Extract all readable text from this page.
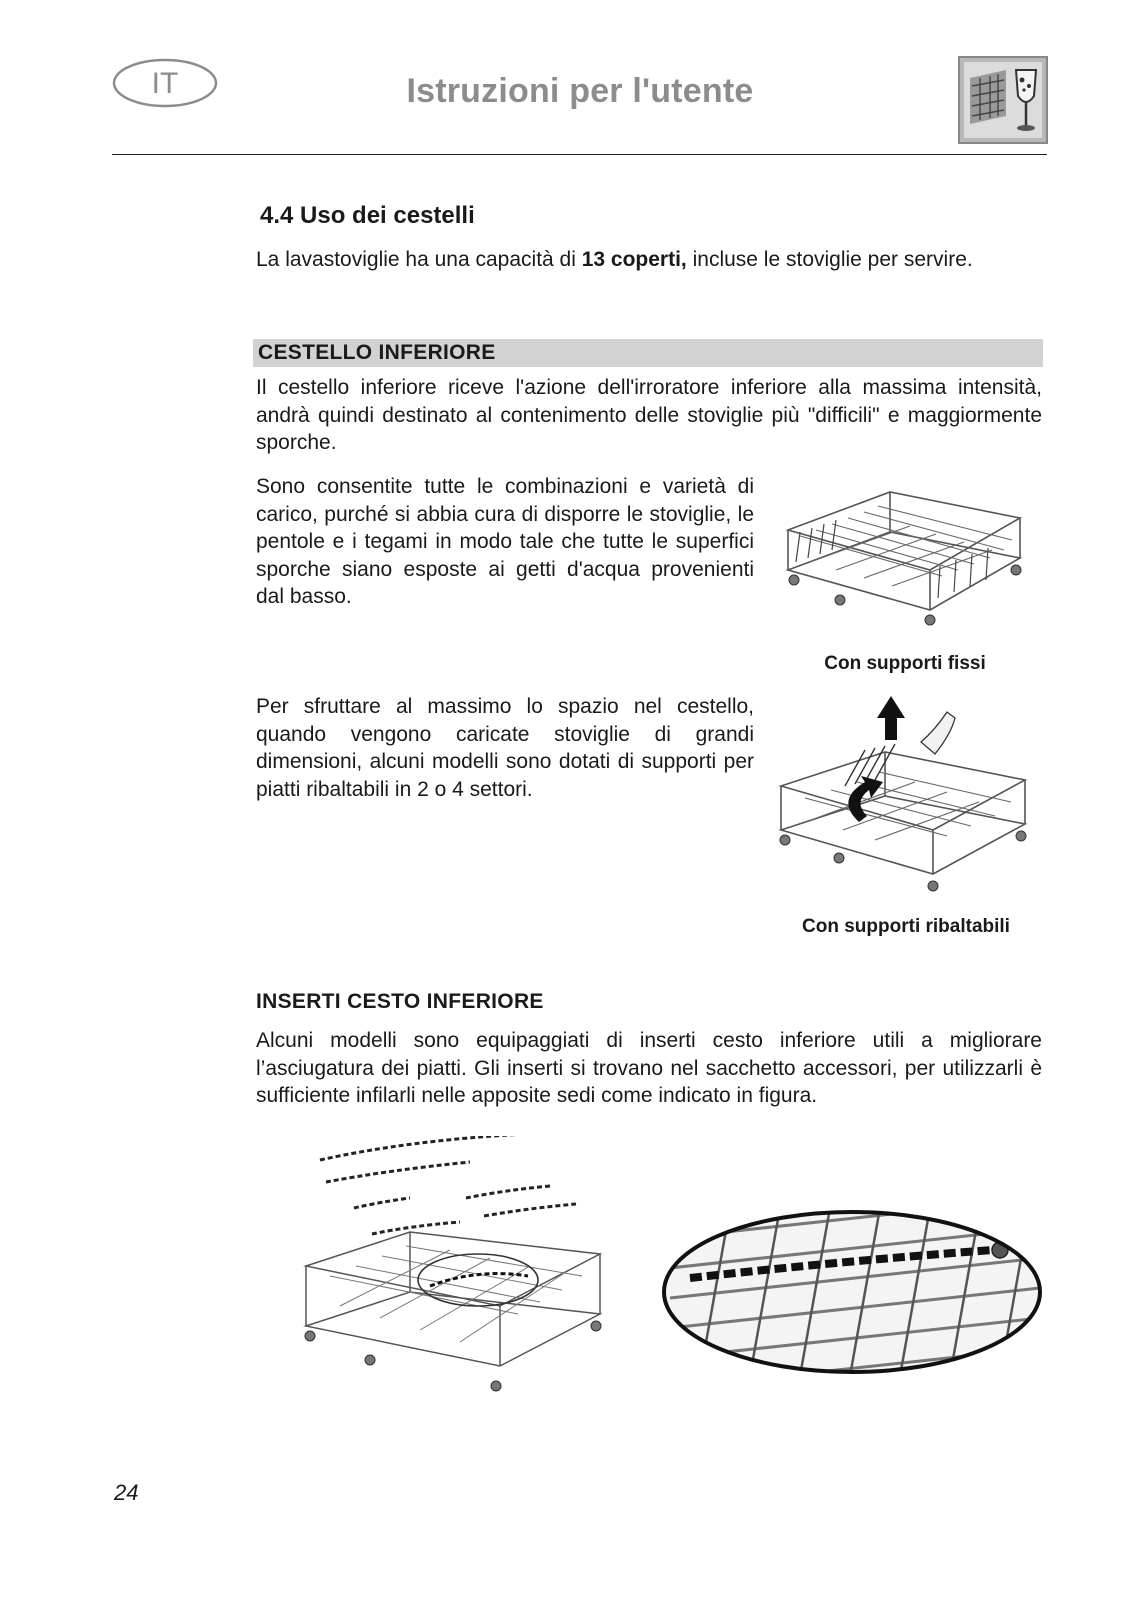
IT	Istruzioni per l'utente
4.4 Uso dei cestelli
La lavastoviglie ha una capacità di 13 coperti, incluse le stoviglie per servire.
CESTELLO INFERIORE
Il cestello inferiore riceve l'azione dell'irroratore inferiore alla massima intensità, andrà quindi destinato al contenimento delle stoviglie più "difficili" e maggiormente sporche.
Sono consentite tutte le combinazioni e varietà di carico, purché si abbia cura di disporre le stoviglie, le pentole e i tegami in modo tale che tutte le superfici sporche siano esposte ai getti d'acqua provenienti dal basso.
Con supporti fissi
Per sfruttare al massimo lo spazio nel cestello, quando vengono caricate stoviglie di grandi dimensioni, alcuni modelli sono dotati di supporti per piatti ribaltabili in 2 o 4 settori.
Con supporti ribaltabili
INSERTI CESTO INFERIORE
Alcuni modelli sono equipaggiati di inserti cesto inferiore utili a migliorare l’asciugatura dei piatti. Gli inserti si trovano nel sacchetto accessori, per utilizzarli è sufficiente infilarli nelle apposite sedi come indicato in figura.
24
